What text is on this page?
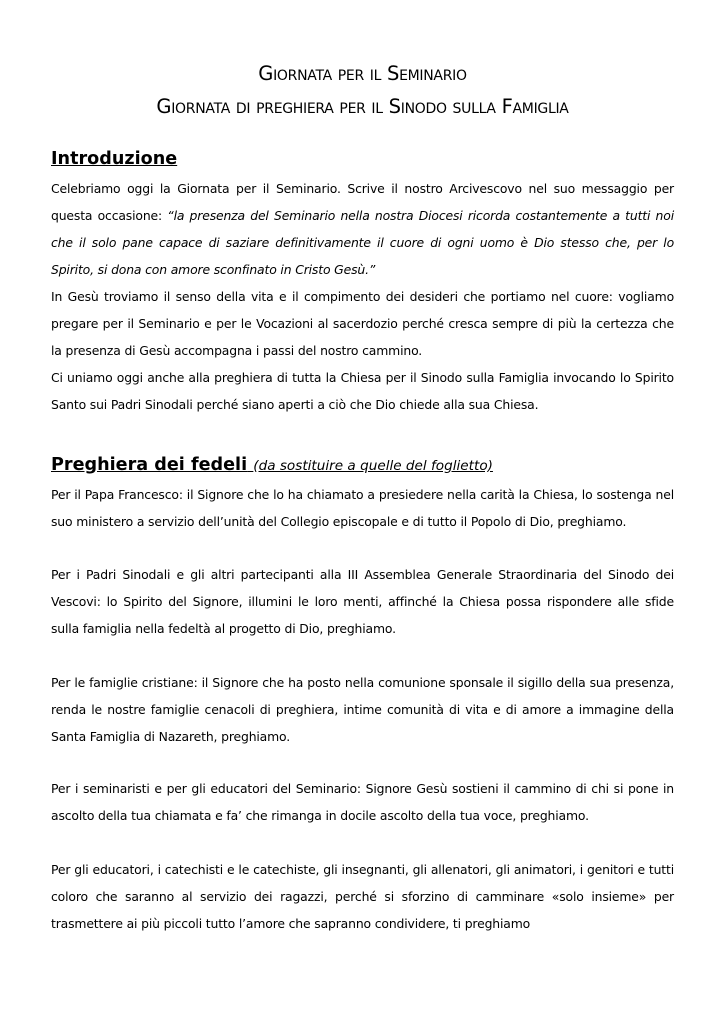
Giornata per il Seminario
Giornata di preghiera per il Sinodo sulla Famiglia
Introduzione

Celebriamo oggi la Giornata per il Seminario. Scrive il nostro Arcivescovo nel suo messaggio per questa occasione: “la presenza del Seminario nella nostra Diocesi ricorda costantemente a tutti noi che il solo pane capace di saziare definitivamente il cuore di ogni uomo è Dio stesso che, per lo Spirito, si dona con amore sconfinato in Cristo Gesù.”

In Gesù troviamo il senso della vita e il compimento dei desideri che portiamo nel cuore: vogliamo pregare per il Seminario e per le Vocazioni al sacerdozio perché cresca sempre di più la certezza che la presenza di Gesù accompagna i passi del nostro cammino.

Ci uniamo oggi anche alla preghiera di tutta la Chiesa per il Sinodo sulla Famiglia invocando lo Spirito Santo sui Padri Sinodali perché siano aperti a ciò che Dio chiede alla sua Chiesa.

Preghiera dei fedeli (da sostituire a quelle del foglietto)

Per il Papa Francesco: il Signore che lo ha chiamato a presiedere nella carità la Chiesa, lo sostenga nel suo ministero a servizio dell’unità del Collegio episcopale e di tutto il Popolo di Dio, preghiamo.

Per i Padri Sinodali e gli altri partecipanti alla III Assemblea Generale Straordinaria del Sinodo dei Vescovi: lo Spirito del Signore, illumini le loro menti, affinché la Chiesa possa rispondere alle sfide sulla famiglia nella fedeltà al progetto di Dio, preghiamo.

Per le famiglie cristiane: il Signore che ha posto nella comunione sponsale il sigillo della sua presenza, renda le nostre famiglie cenacoli di preghiera, intime comunità di vita e di amore a immagine della Santa Famiglia di Nazareth, preghiamo.

Per i seminaristi e per gli educatori del Seminario: Signore Gesù sostieni il cammino di chi si pone in ascolto della tua chiamata e fa’ che rimanga in docile ascolto della tua voce, preghiamo.

Per gli educatori, i catechisti e le catechiste, gli insegnanti, gli allenatori, gli animatori, i genitori e tutti coloro che saranno al servizio dei ragazzi, perché si sforzino di camminare «solo insieme» per trasmettere ai più piccoli tutto l’amore che sapranno condividere, ti preghiamo
